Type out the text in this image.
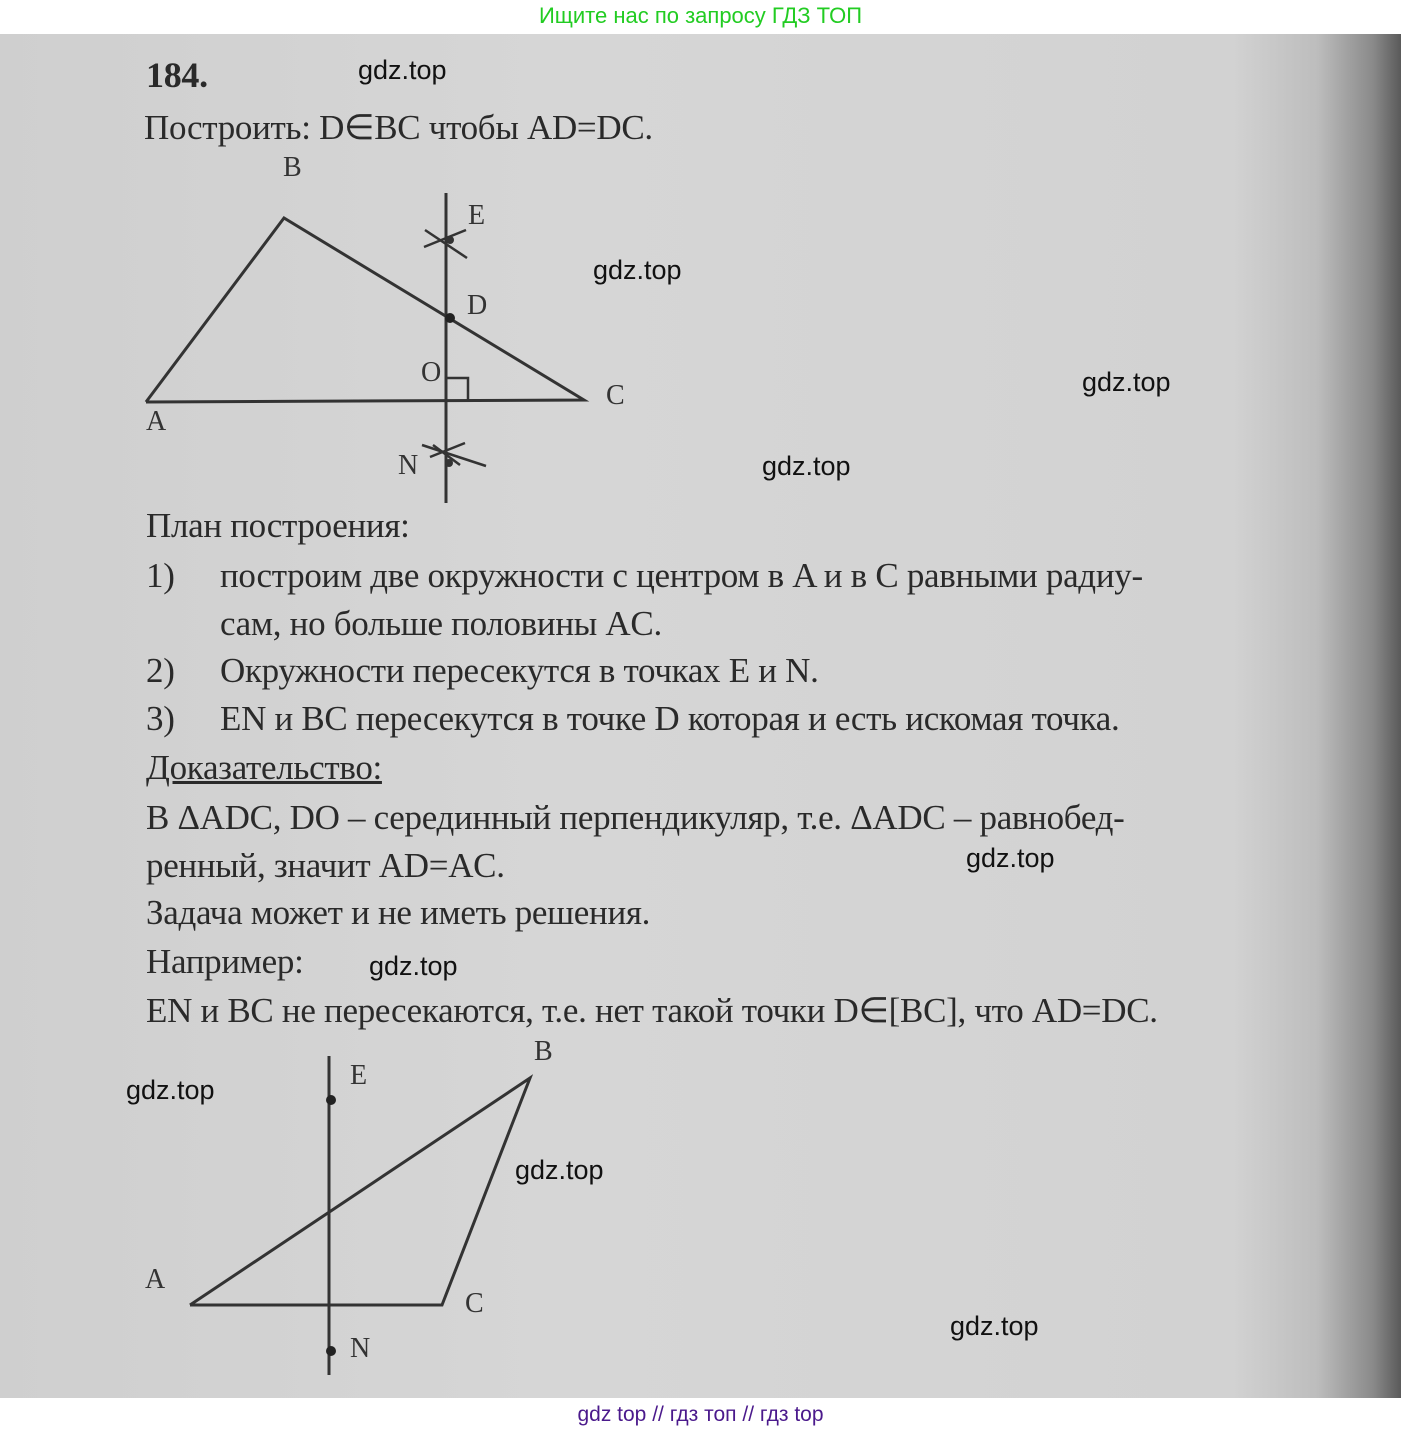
Ищите нас по запросу ГДЗ ТОП
184.
Построить: D∈BC чтобы AD=DC.
B
E
D
O
A
C
N
План построения:
1) построим две окружности с центром в A и в C равными радиу-
сам, но больше половины AC.
2) Окружности пересекутся в точках E и N.
3) EN и BC пересекутся в точке D которая и есть искомая точка.
Доказательство:
В ΔADC, DO – серединный перпендикуляр, т.е. ΔADC – равнобед-
ренный, значит AD=AC.
Задача может и не иметь решения.
Например:
EN и BC не пересекаются, т.е. нет такой точки D∈[BC], что AD=DC.
E
B
A
C
N
gdz.top
gdz.top
gdz.top
gdz.top
gdz.top
gdz.top
gdz.top
gdz.top
gdz.top
gdz top // гдз топ // гдз top
